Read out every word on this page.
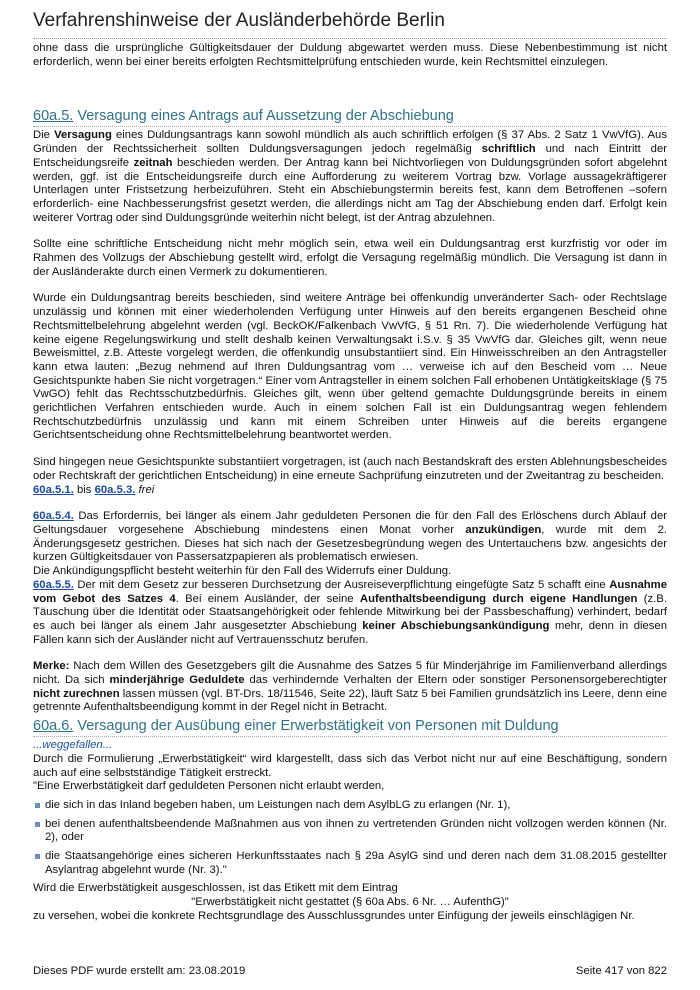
Verfahrenshinweise der Ausländerbehörde Berlin

ohne dass die ursprüngliche Gültigkeitsdauer der Duldung abgewartet werden muss. Diese Nebenbestimmung ist nicht erforderlich, wenn bei einer bereits erfolgten Rechtsmittelprüfung entschieden wurde, kein Rechtsmittel einzulegen.

60a.5. Versagung eines Antrags auf Aussetzung der Abschiebung

Die Versagung eines Duldungsantrags kann sowohl mündlich als auch schriftlich erfolgen (§ 37 Abs. 2 Satz 1 VwVfG). Aus Gründen der Rechtssicherheit sollten Duldungsversagungen jedoch regelmäßig schriftlich und nach Eintritt der Entscheidungsreife zeitnah beschieden werden. Der Antrag kann bei Nichtvorliegen von Duldungsgründen sofort abgelehnt werden, ggf. ist die Entscheidungsreife durch eine Aufforderung zu weiterem Vortrag bzw. Vorlage aussagekräftigerer Unterlagen unter Fristsetzung herbeizuführen. Steht ein Abschiebungstermin bereits fest, kann dem Betroffenen –sofern erforderlich- eine Nachbesserungsfrist gesetzt werden, die allerdings nicht am Tag der Abschiebung enden darf. Erfolgt kein weiterer Vortrag oder sind Duldungsgründe weiterhin nicht belegt, ist der Antrag abzulehnen.

Sollte eine schriftliche Entscheidung nicht mehr möglich sein, etwa weil ein Duldungsantrag erst kurzfristig vor oder im Rahmen des Vollzugs der Abschiebung gestellt wird, erfolgt die Versagung regelmäßig mündlich. Die Versagung ist dann in der Ausländerakte durch einen Vermerk zu dokumentieren.

Wurde ein Duldungsantrag bereits beschieden, sind weitere Anträge bei offenkundig unveränderter Sach- oder Rechtslage unzulässig und können mit einer wiederholenden Verfügung unter Hinweis auf den bereits ergangenen Bescheid ohne Rechtsmittelbelehrung abgelehnt werden (vgl. BeckOK/Falkenbach VwVfG, § 51 Rn. 7). Die wiederholende Verfügung hat keine eigene Regelungswirkung und stellt deshalb keinen Verwaltungsakt i.S.v. § 35 VwVfG dar. Gleiches gilt, wenn neue Beweismittel, z.B. Atteste vorgelegt werden, die offenkundig unsubstantiiert sind. Ein Hinweisschreiben an den Antragsteller kann etwa lauten: „Bezug nehmend auf Ihren Duldungsantrag vom … verweise ich auf den Bescheid vom … Neue Gesichtspunkte haben Sie nicht vorgetragen.“ Einer vom Antragsteller in einem solchen Fall erhobenen Untätigkeitsklage (§ 75 VwGO) fehlt das Rechtsschutzbedürfnis. Gleiches gilt, wenn über geltend gemachte Duldungsgründe bereits in einem gerichtlichen Verfahren entschieden wurde. Auch in einem solchen Fall ist ein Duldungsantrag wegen fehlendem Rechtschutzbedürfnis unzulässig und kann mit einem Schreiben unter Hinweis auf die bereits ergangene Gerichtsentscheidung ohne Rechtsmittelbelehrung beantwortet werden.

Sind hingegen neue Gesichtspunkte substantiiert vorgetragen, ist (auch nach Bestandskraft des ersten Ablehnungsbescheides oder Rechtskraft der gerichtlichen Entscheidung) in eine erneute Sachprüfung einzutreten und der Zweitantrag zu bescheiden.

60a.5.1. bis 60a.5.3. frei

60a.5.4. Das Erfordernis, bei länger als einem Jahr geduldeten Personen die für den Fall des Erlöschens durch Ablauf der Geltungsdauer vorgesehene Abschiebung mindestens einen Monat vorher anzukündigen, wurde mit dem 2. Änderungsgesetz gestrichen. Dieses hat sich nach der Gesetzesbegründung wegen des Untertauchens bzw. angesichts der kurzen Gültigkeitsdauer von Passersatzpapieren als problematisch erwiesen.

Die Ankündigungspflicht besteht weiterhin für den Fall des Widerrufs einer Duldung.

60a.5.5. Der mit dem Gesetz zur besseren Durchsetzung der Ausreiseverpflichtung eingefügte Satz 5 schafft eine Ausnahme vom Gebot des Satzes 4. Bei einem Ausländer, der seine Aufenthaltsbeendigung durch eigene Handlungen (z.B. Täuschung über die Identität oder Staatsangehörigkeit oder fehlende Mitwirkung bei der Passbeschaffung) verhindert, bedarf es auch bei länger als einem Jahr ausgesetzter Abschiebung keiner Abschiebungsankündigung mehr, denn in diesen Fällen kann sich der Ausländer nicht auf Vertrauensschutz berufen.

Merke: Nach dem Willen des Gesetzgebers gilt die Ausnahme des Satzes 5 für Minderjährige im Familienverband allerdings nicht. Da sich minderjährige Geduldete das verhindernde Verhalten der Eltern oder sonstiger Personensorgeberechtigter nicht zurechnen lassen müssen (vgl. BT-Drs. 18/11546, Seite 22), läuft Satz 5 bei Familien grundsätzlich ins Leere, denn eine getrennte Aufenthaltsbeendigung kommt in der Regel nicht in Betracht.

60a.6. Versagung der Ausübung einer Erwerbstätigkeit von Personen mit Duldung

...weggefallen...

Durch die Formulierung „Erwerbstätigkeit“ wird klargestellt, dass sich das Verbot nicht nur auf eine Beschäftigung, sondern auch auf eine selbstständige Tätigkeit erstreckt.

"Eine Erwerbstätigkeit darf geduldeten Personen nicht erlaubt werden,

die sich in das Inland begeben haben, um Leistungen nach dem AsylbLG zu erlangen (Nr. 1),
bei denen aufenthaltsbeendende Maßnahmen aus von ihnen zu vertretenden Gründen nicht vollzogen werden können (Nr. 2), oder
die Staatsangehörige eines sicheren Herkunftsstaates nach § 29a AsylG sind und deren nach dem 31.08.2015 gestellter Asylantrag abgelehnt wurde (Nr. 3)."

Wird die Erwerbstätigkeit ausgeschlossen, ist das Etikett mit dem Eintrag

"Erwerbstätigkeit nicht gestattet (§ 60a Abs. 6 Nr. … AufenthG)"

zu versehen, wobei die konkrete Rechtsgrundlage des Ausschlussgrundes unter Einfügung der jeweils einschlägigen Nr.

Dieses PDF wurde erstellt am: 23.08.2019	Seite 417 von 822
